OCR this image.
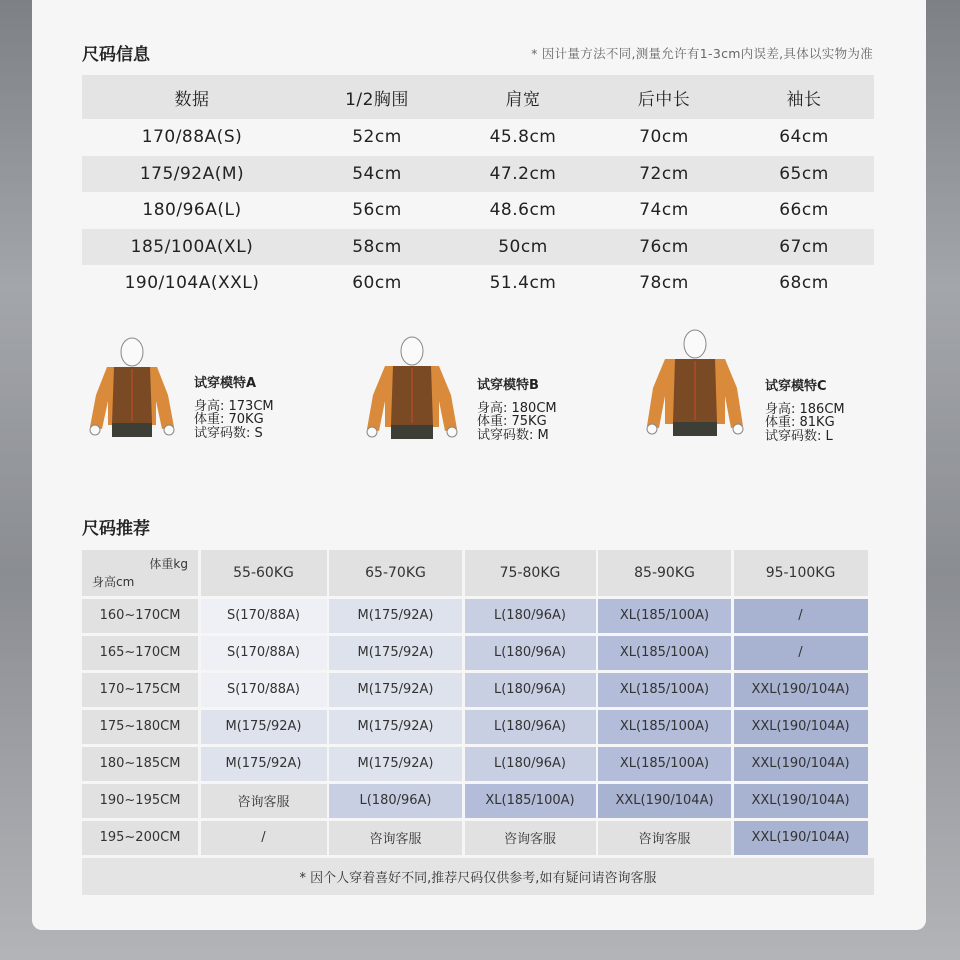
尺码信息	* 因计量方法不同,测量允许有1-3cm内误差,具体以实物为准
数据	1/2胸围	肩宽	后中长	袖长
170/88A(S)	52cm	45.8cm	70cm	64cm
175/92A(M)	54cm	47.2cm	72cm	65cm
180/96A(L)	56cm	48.6cm	74cm	66cm
185/100A(XL)	58cm	50cm	76cm	67cm
190/104A(XXL)	60cm	51.4cm	78cm	68cm
试穿模特A
身高: 173CM
体重: 70KG
试穿码数: S
试穿模特B
身高: 180CM
体重: 75KG
试穿码数: M
试穿模特C
身高: 186CM
体重: 81KG
试穿码数: L
尺码推荐
体重kg
身高cm
55-60KG	65-70KG	75-80KG	85-90KG	95-100KG
160~170CM	S(170/88A)	M(175/92A)	L(180/96A)	XL(185/100A)	/
165~170CM	S(170/88A)	M(175/92A)	L(180/96A)	XL(185/100A)	/
170~175CM	S(170/88A)	M(175/92A)	L(180/96A)	XL(185/100A)	XXL(190/104A)
175~180CM	M(175/92A)	M(175/92A)	L(180/96A)	XL(185/100A)	XXL(190/104A)
180~185CM	M(175/92A)	M(175/92A)	L(180/96A)	XL(185/100A)	XXL(190/104A)
190~195CM	咨询客服	L(180/96A)	XL(185/100A)	XXL(190/104A)	XXL(190/104A)
195~200CM	/	咨询客服	咨询客服	咨询客服	XXL(190/104A)
* 因个人穿着喜好不同,推荐尺码仅供参考,如有疑问请咨询客服
